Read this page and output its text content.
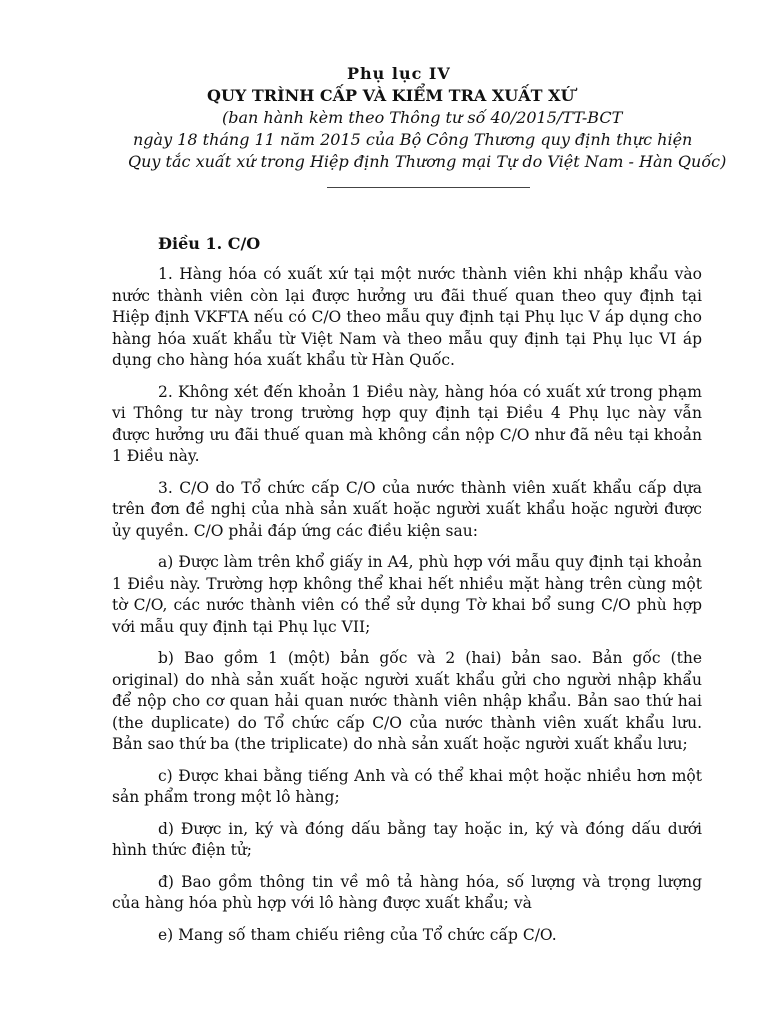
Phụ lục IV
QUY TRÌNH CẤP VÀ KIỂM TRA XUẤT XỨ
(ban hành kèm theo Thông tư số 40/2015/TT-BCT
ngày 18 tháng 11 năm 2015 của Bộ Công Thương quy định thực hiện
Quy tắc xuất xứ trong Hiệp định Thương mại Tự do Việt Nam - Hàn Quốc)
Điều 1. C/O

1. Hàng hóa có xuất xứ tại một nước thành viên khi nhập khẩu vào nước thành viên còn lại được hưởng ưu đãi thuế quan theo quy định tại Hiệp định VKFTA nếu có C/O theo mẫu quy định tại Phụ lục V áp dụng cho hàng hóa xuất khẩu từ Việt Nam và theo mẫu quy định tại Phụ lục VI áp dụng cho hàng hóa xuất khẩu từ Hàn Quốc.

2. Không xét đến khoản 1 Điều này, hàng hóa có xuất xứ trong phạm vi Thông tư này trong trường hợp quy định tại Điều 4 Phụ lục này vẫn được hưởng ưu đãi thuế quan mà không cần nộp C/O như đã nêu tại khoản 1 Điều này.

3. C/O do Tổ chức cấp C/O của nước thành viên xuất khẩu cấp dựa trên đơn đề nghị của nhà sản xuất hoặc người xuất khẩu hoặc người được ủy quyền. C/O phải đáp ứng các điều kiện sau:

a) Được làm trên khổ giấy in A4, phù hợp với mẫu quy định tại khoản 1 Điều này. Trường hợp không thể khai hết nhiều mặt hàng trên cùng một tờ C/O, các nước thành viên có thể sử dụng Tờ khai bổ sung C/O phù hợp với mẫu quy định tại Phụ lục VII;

b) Bao gồm 1 (một) bản gốc và 2 (hai) bản sao. Bản gốc (the original) do nhà sản xuất hoặc người xuất khẩu gửi cho người nhập khẩu để nộp cho cơ quan hải quan nước thành viên nhập khẩu. Bản sao thứ hai (the duplicate) do Tổ chức cấp C/O của nước thành viên xuất khẩu lưu. Bản sao thứ ba (the triplicate) do nhà sản xuất hoặc người xuất khẩu lưu;

c) Được khai bằng tiếng Anh và có thể khai một hoặc nhiều hơn một sản phẩm trong một lô hàng;

d) Được in, ký và đóng dấu bằng tay hoặc in, ký và đóng dấu dưới hình thức điện tử;

đ) Bao gồm thông tin về mô tả hàng hóa, số lượng và trọng lượng của hàng hóa phù hợp với lô hàng được xuất khẩu; và

e) Mang số tham chiếu riêng của Tổ chức cấp C/O.
